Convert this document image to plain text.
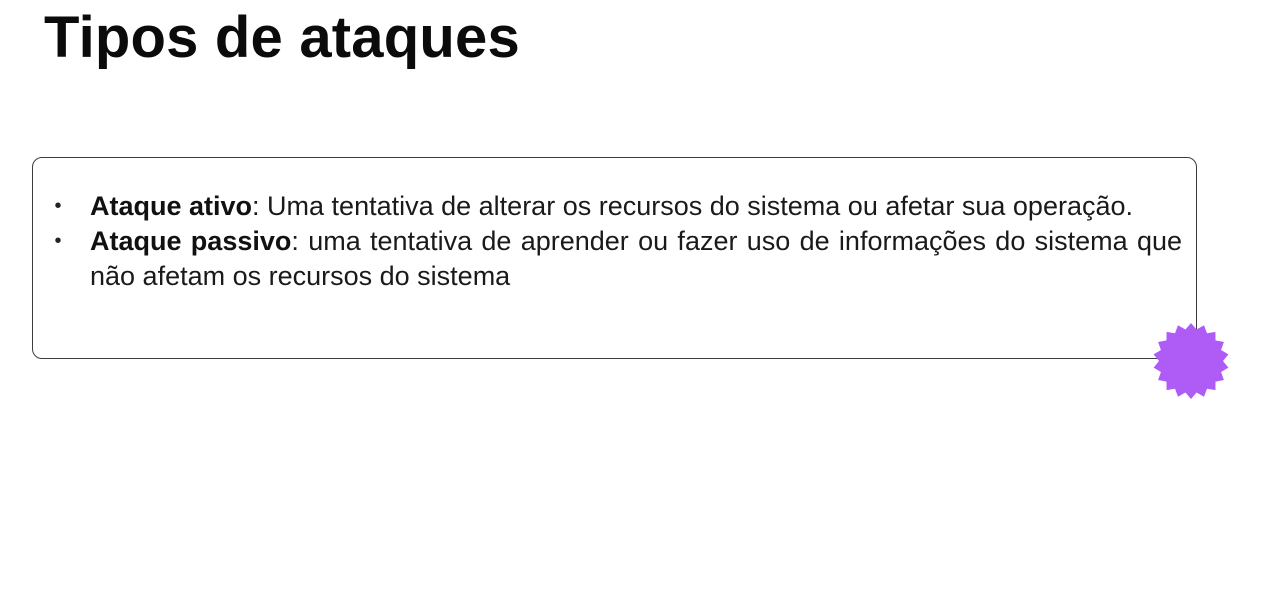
Tipos de ataques
• Ataque ativo: Uma tentativa de alterar os recursos do sistema ou afetar sua operação.
• Ataque passivo: uma tentativa de aprender ou fazer uso de informações do sistema que não afetam os recursos do sistema
